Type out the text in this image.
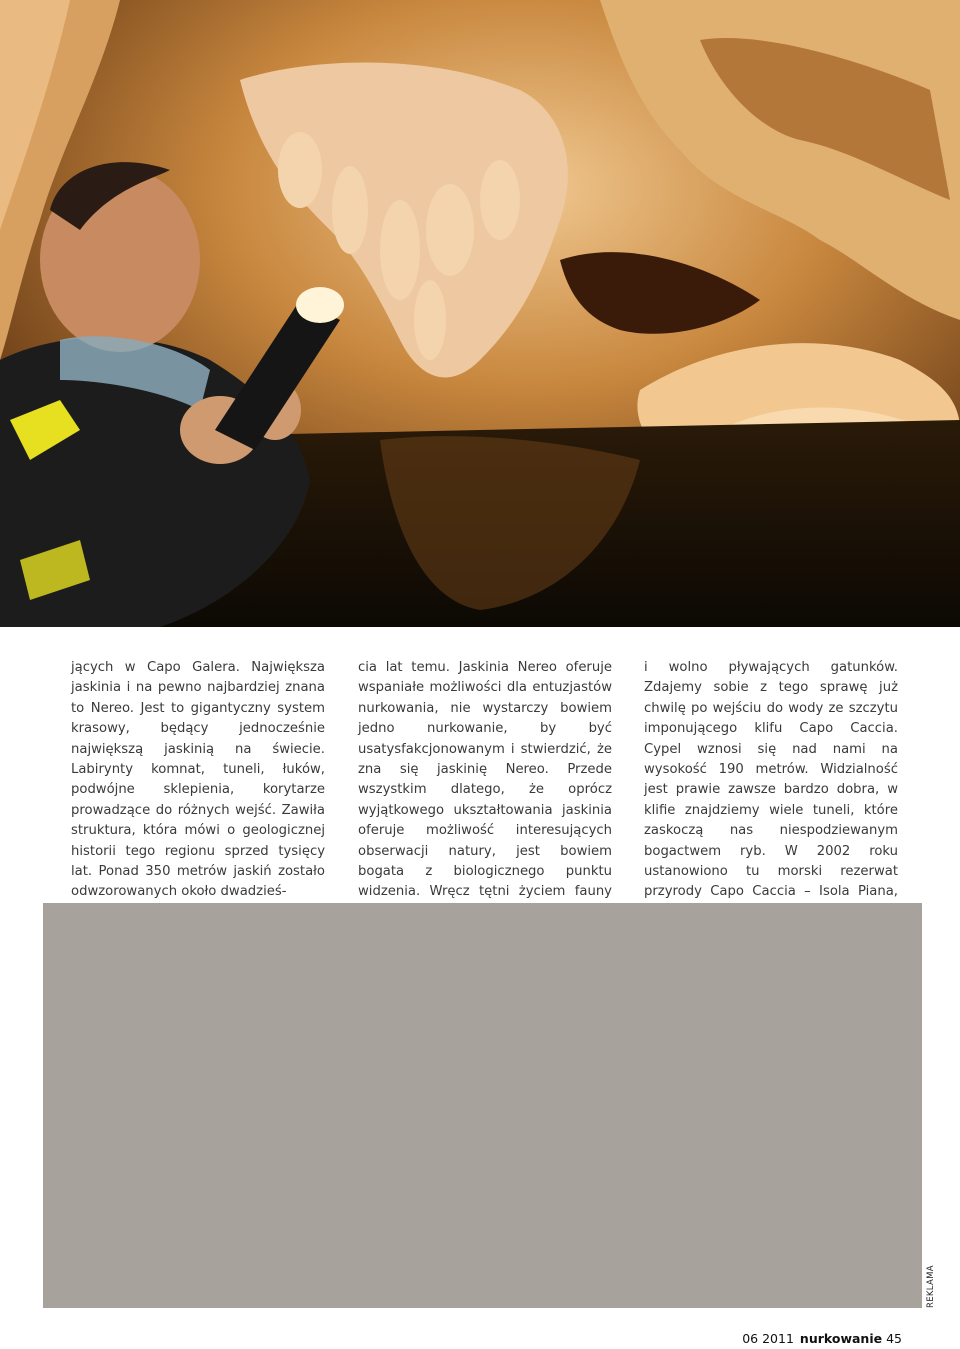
jących w Capo Galera. Największa jaskinia i na pewno najbardziej znana to Nereo. Jest to gigantyczny system krasowy, będący jednocześnie największą jaskinią na świecie. Labirynty komnat, tuneli, łuków, podwójne sklepienia, korytarze prowadzące do różnych wejść. Zawiła struktura, która mówi o geologicznej historii tego regionu sprzed tysięcy lat. Ponad 350 metrów jaskiń zostało odwzorowanych około dwadzieś-

cia lat temu. Jaskinia Nereo oferuje wspaniałe możliwości dla entuzjastów nurkowania, nie wystarczy bowiem jedno nurkowanie, by być usatysfakcjonowanym i stwierdzić, że zna się jaskinię Nereo. Przede wszystkim dlatego, że oprócz wyjątkowego ukształtowania jaskinia oferuje możliwość interesujących obserwacji natury, jest bowiem bogata z biologicznego punktu widzenia. Wręcz tętni życiem fauny

i wolno pływających gatunków. Zdajemy sobie z tego sprawę już chwilę po wejściu do wody ze szczytu imponującego klifu Capo Caccia. Cypel wznosi się nad nami na wysokość 190 metrów. Widzialność jest prawie zawsze bardzo dobra, w klifie znajdziemy wiele tuneli, które zaskoczą nas niespodziewanym bogactwem ryb. W 2002 roku ustanowiono tu morski rezerwat przyrody Capo Caccia – Isola Piana,

REKLAMA
06 2011 nurkowanie 45
